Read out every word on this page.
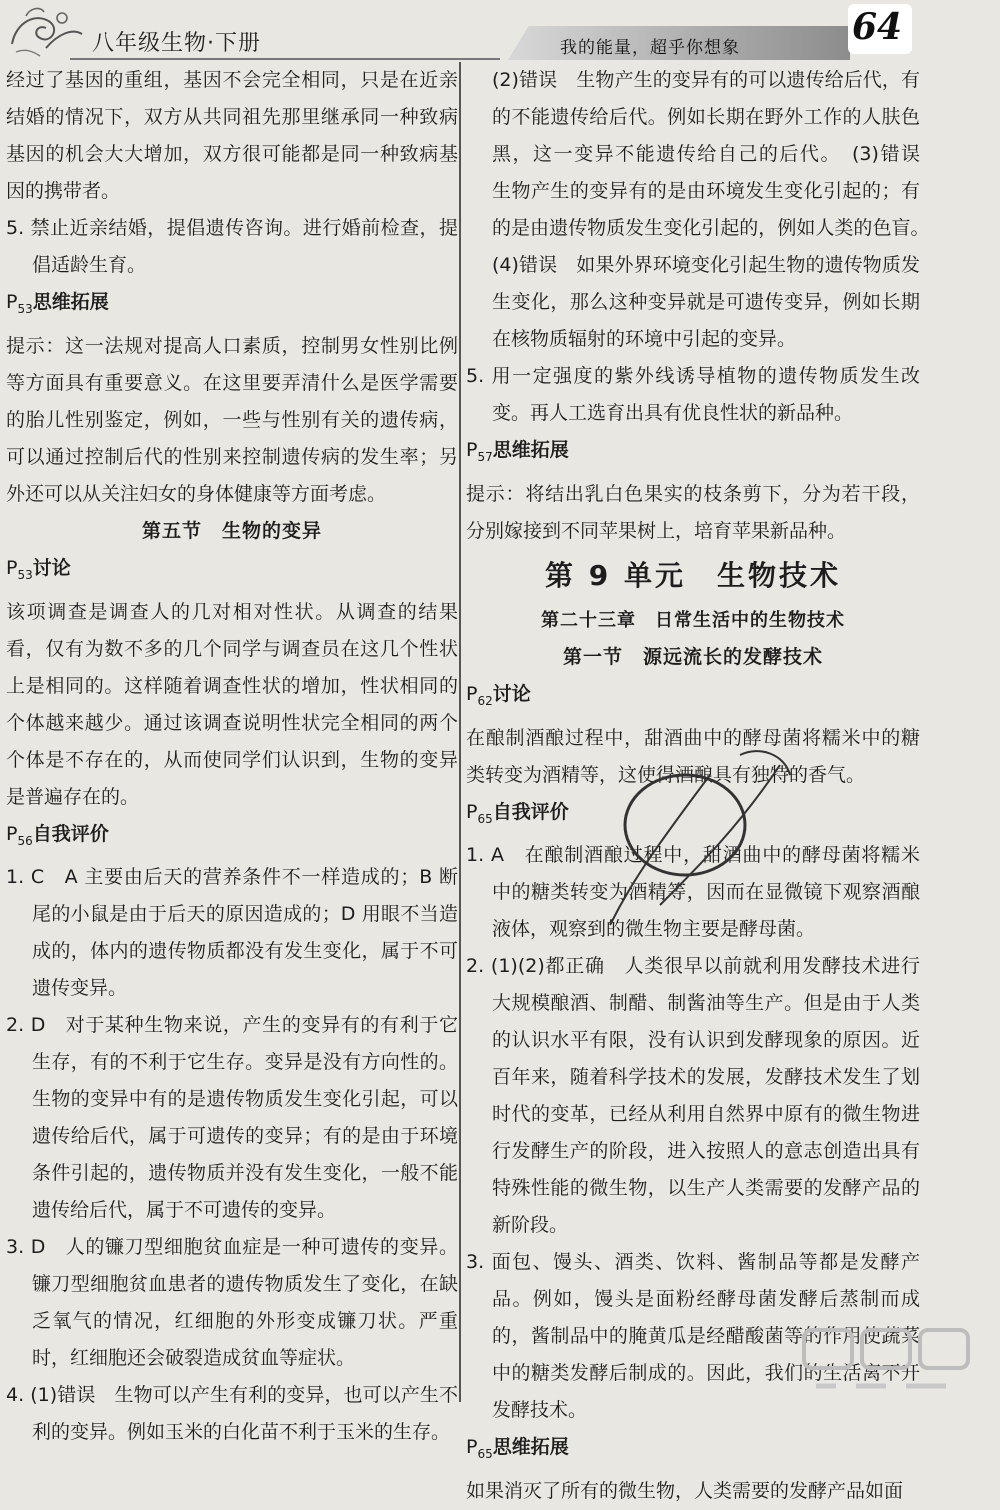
八年级生物·下册	我的能量，超乎你想象	64
经过了基因的重组，基因不会完全相同，只是在近亲结婚的情况下，双方从共同祖先那里继承同一种致病基因的机会大大增加，双方很可能都是同一种致病基因的携带者。
5. 禁止近亲结婚，提倡遗传咨询。进行婚前检查，提倡适龄生育。
$P_{53}$思维拓展
提示：这一法规对提高人口素质，控制男女性别比例等方面具有重要意义。在这里要弄清什么是医学需要的胎儿性别鉴定，例如，一些与性别有关的遗传病，可以通过控制后代的性别来控制遗传病的发生率；另外还可以从关注妇女的身体健康等方面考虑。
第五节　生物的变异
$P_{53}$讨论
该项调查是调查人的几对相对性状。从调查的结果看，仅有为数不多的几个同学与调查员在这几个性状上是相同的。这样随着调查性状的增加，性状相同的个体越来越少。通过该调查说明性状完全相同的两个个体是不存在的，从而使同学们认识到，生物的变异是普遍存在的。
$P_{56}$自我评价
1. C　A 主要由后天的营养条件不一样造成的；B 断尾的小鼠是由于后天的原因造成的；D 用眼不当造成的，体内的遗传物质都没有发生变化，属于不可遗传变异。
2. D　对于某种生物来说，产生的变异有的有利于它生存，有的不利于它生存。变异是没有方向性的。生物的变异中有的是遗传物质发生变化引起，可以遗传给后代，属于可遗传的变异；有的是由于环境条件引起的，遗传物质并没有发生变化，一般不能遗传给后代，属于不可遗传的变异。
3. D　人的镰刀型细胞贫血症是一种可遗传的变异。镰刀型细胞贫血患者的遗传物质发生了变化，在缺乏氧气的情况，红细胞的外形变成镰刀状。严重时，红细胞还会破裂造成贫血等症状。
4. (1)错误　生物可以产生有利的变异，也可以产生不利的变异。例如玉米的白化苗不利于玉米的生存。
(2)错误　生物产生的变异有的可以遗传给后代，有的不能遗传给后代。例如长期在野外工作的人肤色黑，这一变异不能遗传给自己的后代。　(3)错误　生物产生的变异有的是由环境发生变化引起的；有的是由遗传物质发生变化引起的，例如人类的色盲。　(4)错误　如果外界环境变化引起生物的遗传物质发生变化，那么这种变异就是可遗传变异，例如长期在核物质辐射的环境中引起的变异。
5. 用一定强度的紫外线诱导植物的遗传物质发生改变。再人工选育出具有优良性状的新品种。
$P_{57}$思维拓展
提示：将结出乳白色果实的枝条剪下，分为若干段，分别嫁接到不同苹果树上，培育苹果新品种。
第 9 单元　生物技术
第二十三章　日常生活中的生物技术
第一节　源远流长的发酵技术
$P_{62}$讨论
在酿制酒酿过程中，甜酒曲中的酵母菌将糯米中的糖类转变为酒精等，这使得酒酿具有独特的香气。
$P_{65}$自我评价
1. A　在酿制酒酿过程中，甜酒曲中的酵母菌将糯米中的糖类转变为酒精等，因而在显微镜下观察酒酿液体，观察到的微生物主要是酵母菌。
2. (1)(2)都正确　人类很早以前就利用发酵技术进行大规模酿酒、制醋、制酱油等生产。但是由于人类的认识水平有限，没有认识到发酵现象的原因。近百年来，随着科学技术的发展，发酵技术发生了划时代的变革，已经从利用自然界中原有的微生物进行发酵生产的阶段，进入按照人的意志创造出具有特殊性能的微生物，以生产人类需要的发酵产品的新阶段。
3. 面包、馒头、酒类、饮料、酱制品等都是发酵产品。例如，馒头是面粉经酵母菌发酵后蒸制而成的，酱制品中的腌黄瓜是经醋酸菌等的作用使蔬菜中的糖类发酵后制成的。因此，我们的生活离不开发酵技术。
$P_{65}$思维拓展
如果消灭了所有的微生物，人类需要的发酵产品如面
